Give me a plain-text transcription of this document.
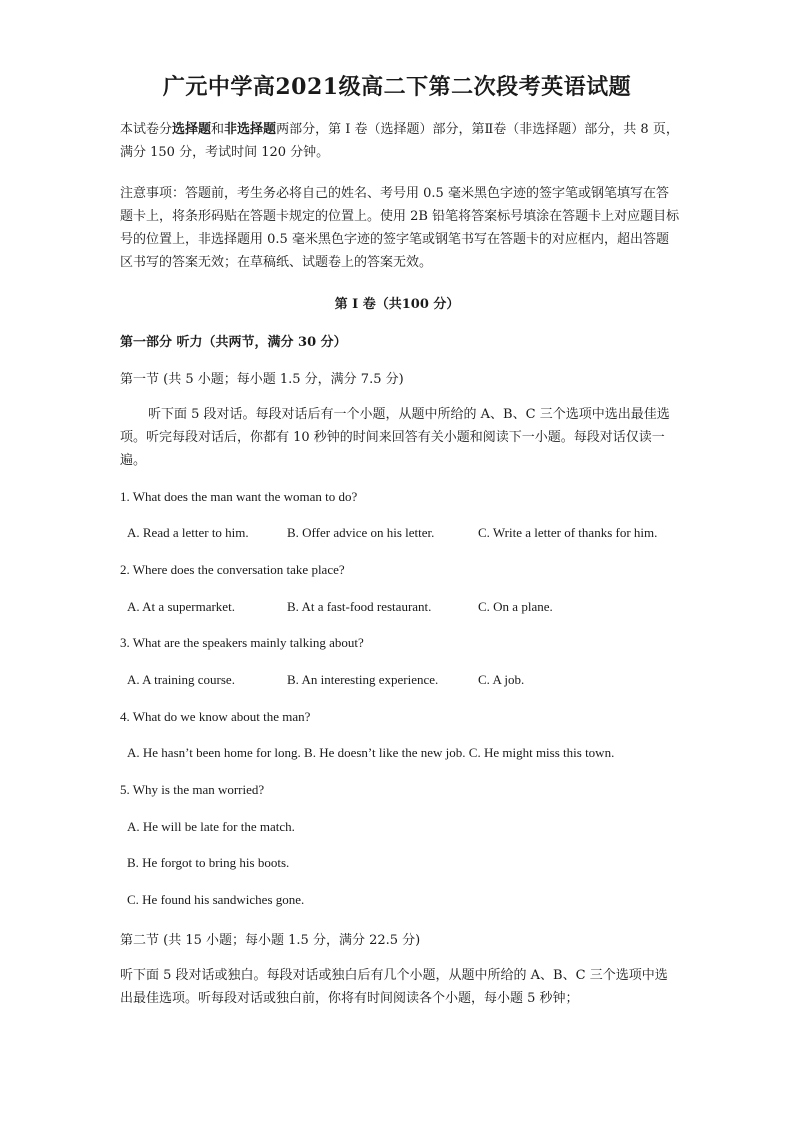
广元中学高2021级高二下第二次段考英语试题
本试卷分选择题和非选择题两部分，第 I 卷（选择题）部分，第Ⅱ卷（非选择题）部分，共 8 页，满分 150 分，考试时间 120 分钟。
注意事项：答题前，考生务必将自己的姓名、考号用 0.5 毫米黑色字迹的签字笔或钢笔填写在答题卡上，将条形码贴在答题卡规定的位置上。使用 2B 铅笔将答案标号填涂在答题卡上对应题目标号的位置上，非选择题用 0.5 毫米黑色字迹的签字笔或钢笔书写在答题卡的对应框内，超出答题区书写的答案无效；在草稿纸、试题卷上的答案无效。
第 I 卷（共100 分）
第一部分 听力（共两节，满分 30 分）
第一节 (共 5 小题；每小题 1.5 分，满分 7.5 分)
听下面 5 段对话。每段对话后有一个小题，从题中所给的 A、B、C 三个选项中选出最佳选项。听完每段对话后，你都有 10 秒钟的时间来回答有关小题和阅读下一小题。每段对话仅读一遍。
1. What does the man want the woman to do?
A. Read a letter to him.	B. Offer advice on his letter.	C. Write a letter of thanks for him.
2. Where does the conversation take place?
A. At a supermarket.	B. At a fast-food restaurant.	C. On a plane.
3. What are the speakers mainly talking about?
A. A training course.	B. An interesting experience.	C. A job.
4. What do we know about the man?
A. He hasn’t been home for long. B. He doesn’t like the new job. C. He might miss this town.
5. Why is the man worried?
A. He will be late for the match.
B. He forgot to bring his boots.
C. He found his sandwiches gone.
第二节 (共 15 小题；每小题 1.5 分，满分 22.5 分)
听下面 5 段对话或独白。每段对话或独白后有几个小题，从题中所给的 A、B、C 三个选项中选出最佳选项。听每段对话或独白前，你将有时间阅读各个小题，每小题 5 秒钟；
